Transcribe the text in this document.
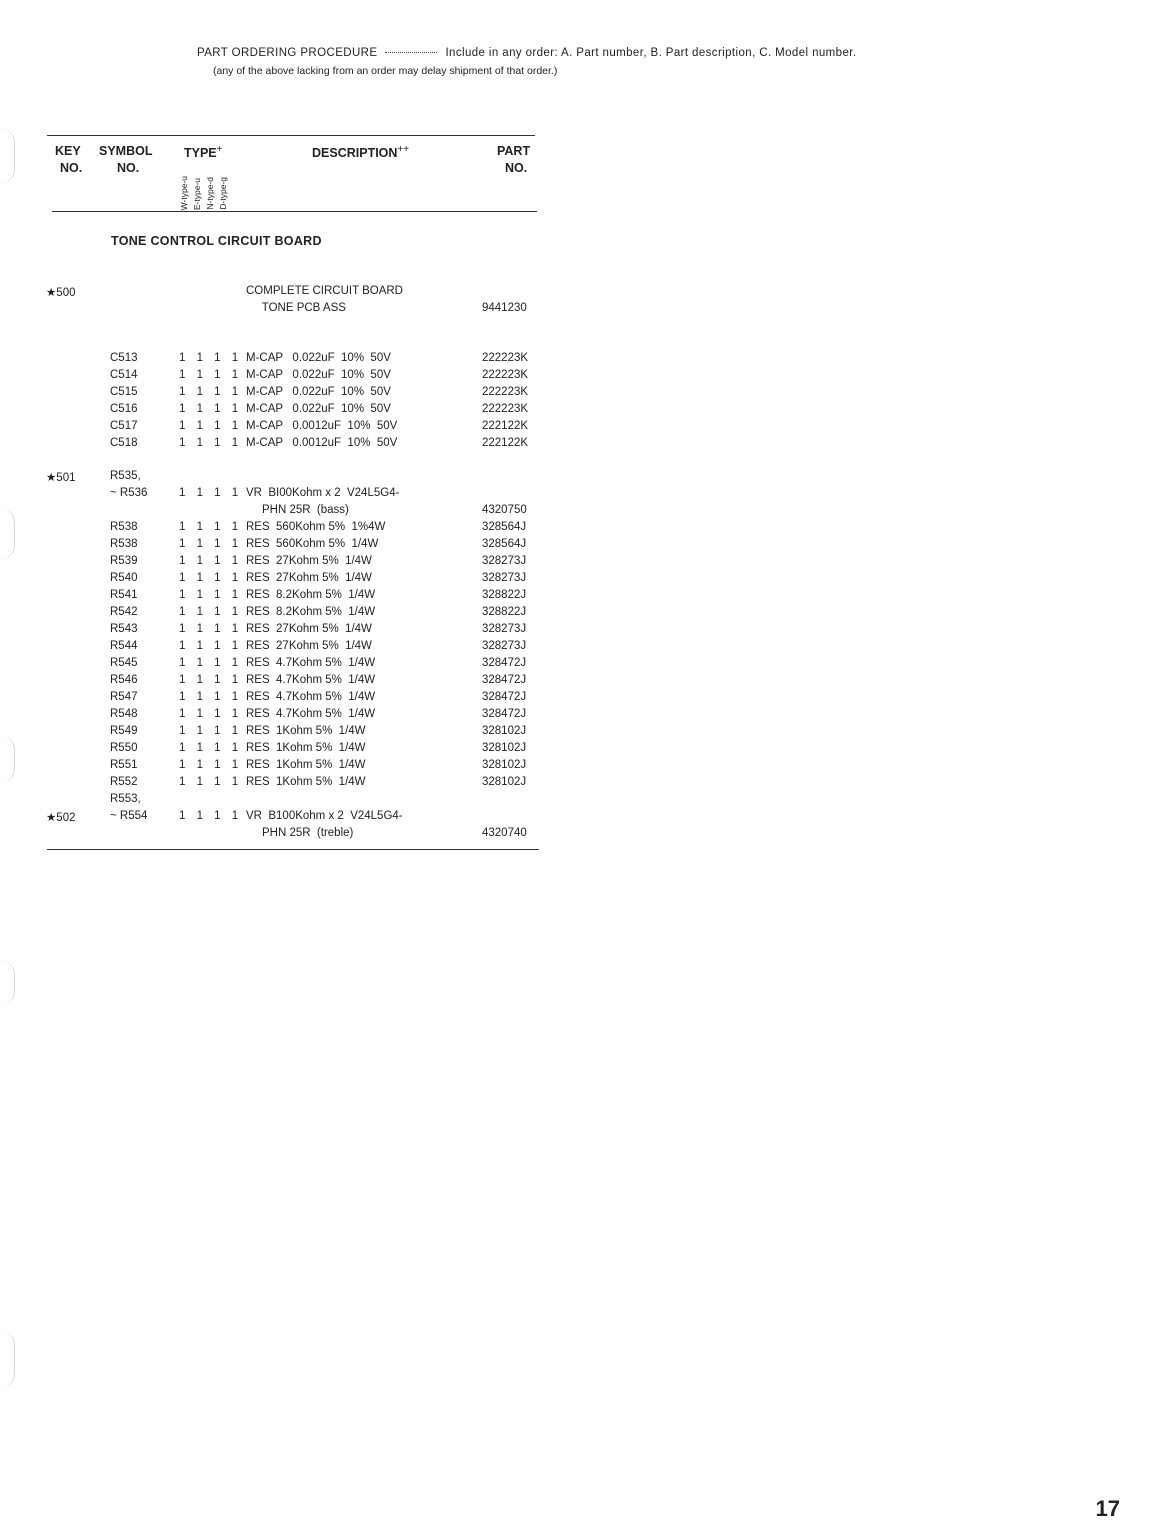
PART ORDERING PROCEDURE	Include in any order: A. Part number, B. Part description, C. Model number.
(any of the above lacking from an order may delay shipment of that order.)
KEY
NO.
SYMBOL
NO.
TYPE+
W-type-u E-type-u N-type-d D-type-g
DESCRIPTION++	PART
NO.
TONE CONTROL CIRCUIT BOARD
★500	COMPLETE CIRCUIT BOARD
TONE PCB ASS	9441230
C513	1 1 1 1 M-CAP   0.022uF  10%  50V	222223K
C514	1 1 1 1 M-CAP   0.022uF  10%  50V	222223K
C515	1 1 1 1 M-CAP   0.022uF  10%  50V	222223K
C516	1 1 1 1 M-CAP   0.022uF  10%  50V	222223K
C517	1 1 1 1 M-CAP   0.0012uF  10%  50V	222122K
C518	1 1 1 1 M-CAP   0.0012uF  10%  50V	222122K
★501	R535,
~ R536	1 1 1 1 VR  BI00Kohm x 2  V24L5G4-
PHN 25R  (bass)	4320750
R538	1 1 1 1 RES  560Kohm 5%  1%4W	328564J
R538	1 1 1 1 RES  560Kohm 5%  1/4W	328564J
R539	1 1 1 1 RES  27Kohm 5%  1/4W	328273J
R540	1 1 1 1 RES  27Kohm 5%  1/4W	328273J
R541	1 1 1 1 RES  8.2Kohm 5%  1/4W	328822J
R542	1 1 1 1 RES  8.2Kohm 5%  1/4W	328822J
R543	1 1 1 1 RES  27Kohm 5%  1/4W	328273J
R544	1 1 1 1 RES  27Kohm 5%  1/4W	328273J
R545	1 1 1 1 RES  4.7Kohm 5%  1/4W	328472J
R546	1 1 1 1 RES  4.7Kohm 5%  1/4W	328472J
R547	1 1 1 1 RES  4.7Kohm 5%  1/4W	328472J
R548	1 1 1 1 RES  4.7Kohm 5%  1/4W	328472J
R549	1 1 1 1 RES  1Kohm 5%  1/4W	328102J
R550	1 1 1 1 RES  1Kohm 5%  1/4W	328102J
R551	1 1 1 1 RES  1Kohm 5%  1/4W	328102J
R552	1 1 1 1 RES  1Kohm 5%  1/4W	328102J
R553,
★502	~ R554	1 1 1 1 VR  B100Kohm x 2  V24L5G4-
PHN 25R  (treble)	4320740
17
